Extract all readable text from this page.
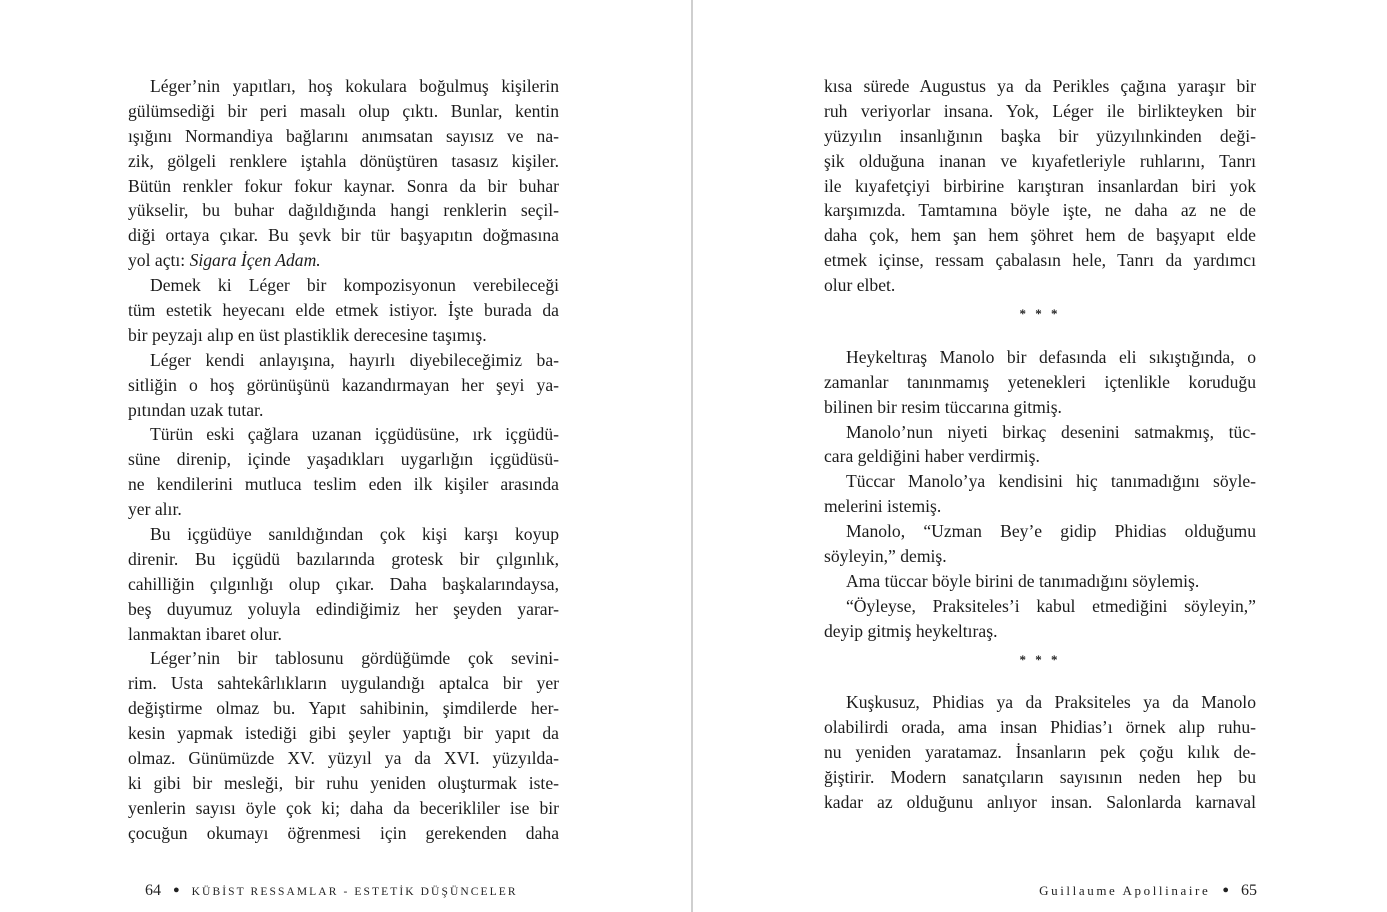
Léger’nin yapıtları, hoş kokulara boğulmuş kişilerin
gülümsediği bir peri masalı olup çıktı. Bunlar, kentin
ışığını Normandiya bağlarını anımsatan sayısız ve na-
zik, gölgeli renklere iştahla dönüştüren tasasız kişiler.
Bütün renkler fokur fokur kaynar. Sonra da bir buhar
yükselir, bu buhar dağıldığında hangi renklerin seçil-
diği ortaya çıkar. Bu şevk bir tür başyapıtın doğmasına
yol açtı: Sigara İçen Adam.
Demek ki Léger bir kompozisyonun verebileceği
tüm estetik heyecanı elde etmek istiyor. İşte burada da
bir peyzajı alıp en üst plastiklik derecesine taşımış.
Léger kendi anlayışına, hayırlı diyebileceğimiz ba-
sitliğin o hoş görünüşünü kazandırmayan her şeyi ya-
pıtından uzak tutar.
Türün eski çağlara uzanan içgüdüsüne, ırk içgüdü-
süne direnip, içinde yaşadıkları uygarlığın içgüdüsü-
ne kendilerini mutluca teslim eden ilk kişiler arasında
yer alır.
Bu içgüdüye sanıldığından çok kişi karşı koyup
direnir. Bu içgüdü bazılarında grotesk bir çılgınlık,
cahilliğin çılgınlığı olup çıkar. Daha başkalarındaysa,
beş duyumuz yoluyla edindiğimiz her şeyden yarar-
lanmaktan ibaret olur.
Léger’nin bir tablosunu gördüğümde çok sevini-
rim. Usta sahtekârlıkların uygulandığı aptalca bir yer
değiştirme olmaz bu. Yapıt sahibinin, şimdilerde her-
kesin yapmak istediği gibi şeyler yaptığı bir yapıt da
olmaz. Günümüzde XV. yüzyıl ya da XVI. yüzyılda-
ki gibi bir mesleği, bir ruhu yeniden oluşturmak iste-
yenlerin sayısı öyle çok ki; daha da becerikliler ise bir
çocuğun okumayı öğrenmesi için gerekenden daha
64 ● KÜBİST RESSAMLAR - ESTETİK DÜŞÜNCELER
kısa sürede Augustus ya da Perikles çağına yaraşır bir
ruh veriyorlar insana. Yok, Léger ile birlikteyken bir
yüzyılın insanlığının başka bir yüzyılınkinden deği-
şik olduğuna inanan ve kıyafetleriyle ruhlarını, Tanrı
ile kıyafetçiyi birbirine karıştıran insanlardan biri yok
karşımızda. Tamtamına böyle işte, ne daha az ne de
daha çok, hem şan hem şöhret hem de başyapıt elde
etmek içinse, ressam çabalasın hele, Tanrı da yardımcı
olur elbet.
* * *
Heykeltıraş Manolo bir defasında eli sıkıştığında, o
zamanlar tanınmamış yetenekleri içtenlikle koruduğu
bilinen bir resim tüccarına gitmiş.
Manolo’nun niyeti birkaç desenini satmakmış, tüc-
cara geldiğini haber verdirmiş.
Tüccar Manolo’ya kendisini hiç tanımadığını söyle-
melerini istemiş.
Manolo, “Uzman Bey’e gidip Phidias olduğumu
söyleyin,” demiş.
Ama tüccar böyle birini de tanımadığını söylemiş.
“Öyleyse, Praksiteles’i kabul etmediğini söyleyin,”
deyip gitmiş heykeltıraş.
* * *
Kuşkusuz, Phidias ya da Praksiteles ya da Manolo
olabilirdi orada, ama insan Phidias’ı örnek alıp ruhu-
nu yeniden yaratamaz. İnsanların pek çoğu kılık de-
ğiştirir. Modern sanatçıların sayısının neden hep bu
kadar az olduğunu anlıyor insan. Salonlarda karnaval
Guillaume Apollinaire ● 65
